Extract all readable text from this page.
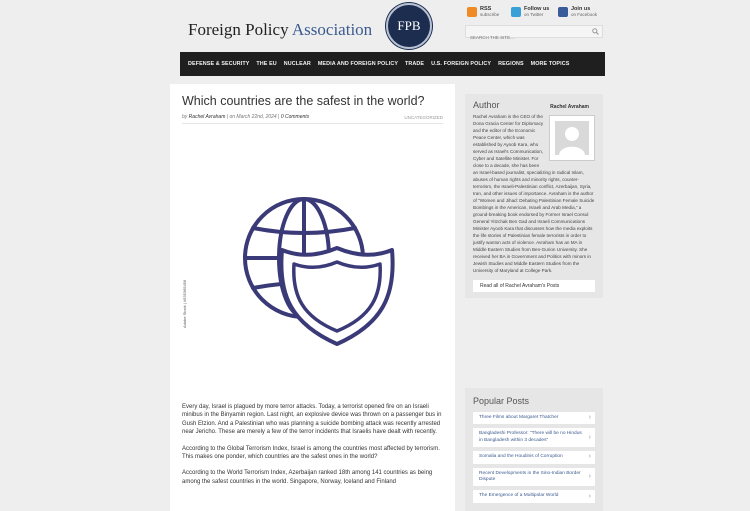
Foreign Policy Association FPB
RSS
subscribe
Follow us
on Twitter
Join us
on Facebook
SEARCH THE SITE...
DEFENSE & SECURITY THE EU NUCLEAR MEDIA AND FOREIGN POLICY TRADE U.S. FOREIGN POLICY REGIONS MORE TOPICS
Which countries are the safest in the world?
by Rachel Avraham | on March 22nd, 2024 | 0 Comments	UNCATEGORIZED
Adobe Stock | #535365456

Every day, Israel is plagued by more terror attacks. Today, a terrorist opened fire on an Israeli minibus in the Binyamin region. Last night, an explosive device was thrown on a passenger bus in Gush Etzion. And a Palestinian who was planning a suicide bombing attack was recently arrested near Jericho. These are merely a few of the terror incidents that Israelis have dealt with recently.

According to the Global Terrorism Index, Israel is among the countries most affected by terrorism. This makes one ponder, which countries are the safest ones in the world?

According to the World Terrorism Index, Azerbaijan ranked 18th among 141 countries as being among the safest countries in the world. Singapore, Norway, Iceland and Finland

Author	Rachel Avraham
Rachel Avraham is the CEO of the Dona Gracia Center for Diplomacy and the editor of the Economic Peace Center, which was established by Ayoob Kara, who served as Israel's Communication, Cyber and Satellite Minister. For close to a decade, she has been an Israel-based journalist, specializing in radical Islam, abuses of human rights and minority rights, counter-terrorism, the Israeli-Palestinian conflict, Azerbaijan, Syria, Iran, and other issues of importance. Avraham is the author of "Women and Jihad: Debating Palestinian Female Suicide Bombings in the American, Israeli and Arab Media," a ground-breaking book endorsed by Former Israel Consul General Yitzchak Ben Gad and Israeli Communications Minister Ayoob Kara that discusses how the media exploits the life stories of Palestinian female terrorists in order to justify wanton acts of violence. Avraham has an MA in Middle Eastern Studies from Ben-Gurion University. She received her BA in Government and Politics with minors in Jewish Studies and Middle Eastern Studies from the University of Maryland at College Park.
Read all of Rachel Avraham's Posts
Popular Posts
Three Films about Margaret Thatcher ›
Bangladeshi Professor: "There will be no Hindus in Bangladesh within 3 decades" ›
Somalia and the Houdinis of Corruption ›
Recent Developments in the Sino-Indian Border Dispute ›
The Emergence of a Multipolar World ›
